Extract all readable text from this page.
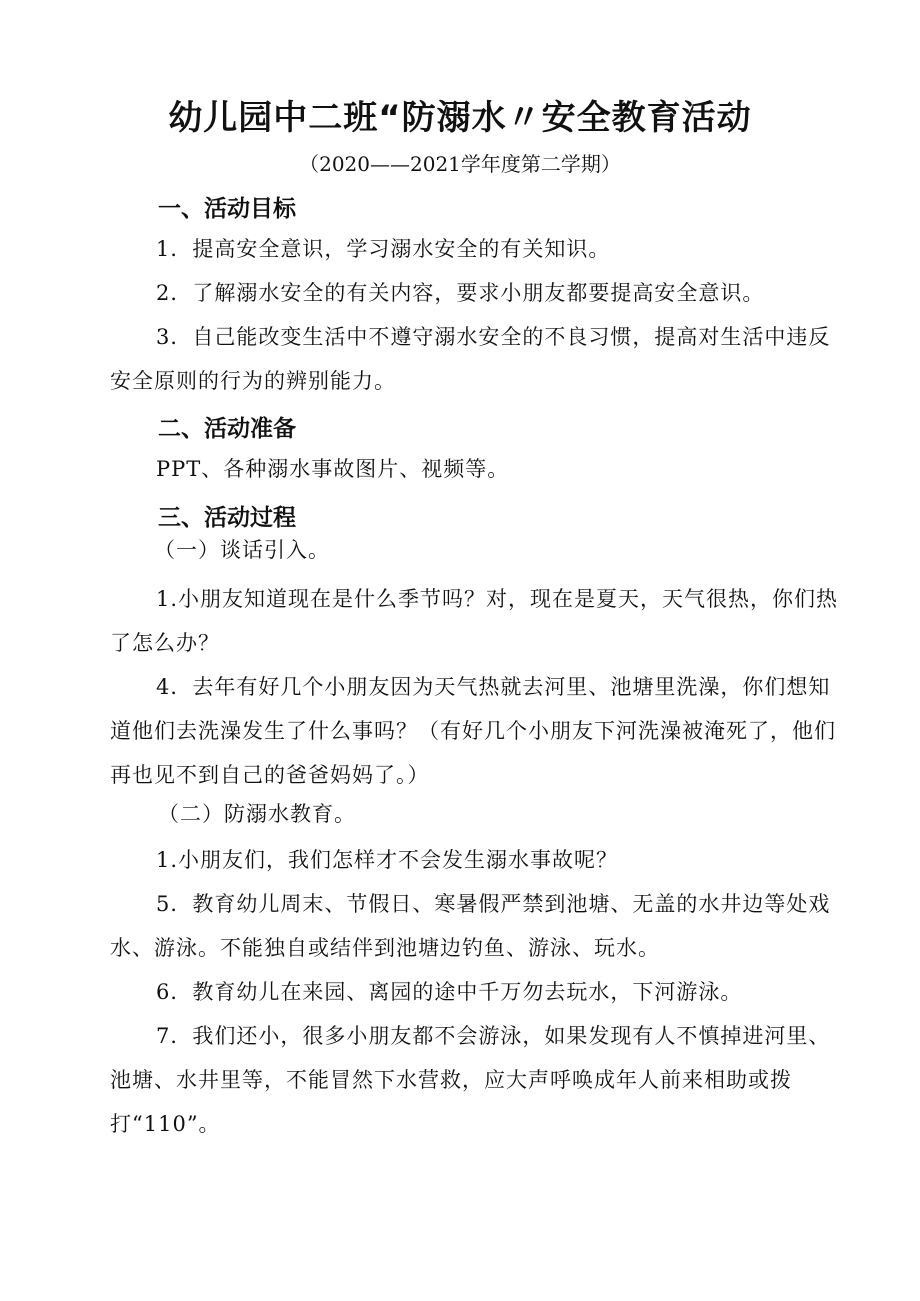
幼儿园中二班“防溺水〃安全教育活动
（2020——2021学年度第二学期）
一、活动目标
1．提高安全意识，学习溺水安全的有关知识。
2．了解溺水安全的有关内容，要求小朋友都要提高安全意识。
3．自己能改变生活中不遵守溺水安全的不良习惯，提高对生活中违反安全原则的行为的辨别能力。
二、活动准备
PPT、各种溺水事故图片、视频等。
三、活动过程
（一）谈话引入。
1.小朋友知道现在是什么季节吗？对，现在是夏天，天气很热，你们热了怎么办？
4．去年有好几个小朋友因为天气热就去河里、池塘里洗澡，你们想知道他们去洗澡发生了什么事吗？（有好几个小朋友下河洗澡被淹死了，他们再也见不到自己的爸爸妈妈了。）
（二）防溺水教育。
1.小朋友们，我们怎样才不会发生溺水事故呢？
5．教育幼儿周末、节假日、寒暑假严禁到池塘、无盖的水井边等处戏水、游泳。不能独自或结伴到池塘边钓鱼、游泳、玩水。
6．教育幼儿在来园、离园的途中千万勿去玩水，下河游泳。
7．我们还小，很多小朋友都不会游泳，如果发现有人不慎掉进河里、池塘、水井里等，不能冒然下水营救，应大声呼唤成年人前来相助或拨打“110”。
